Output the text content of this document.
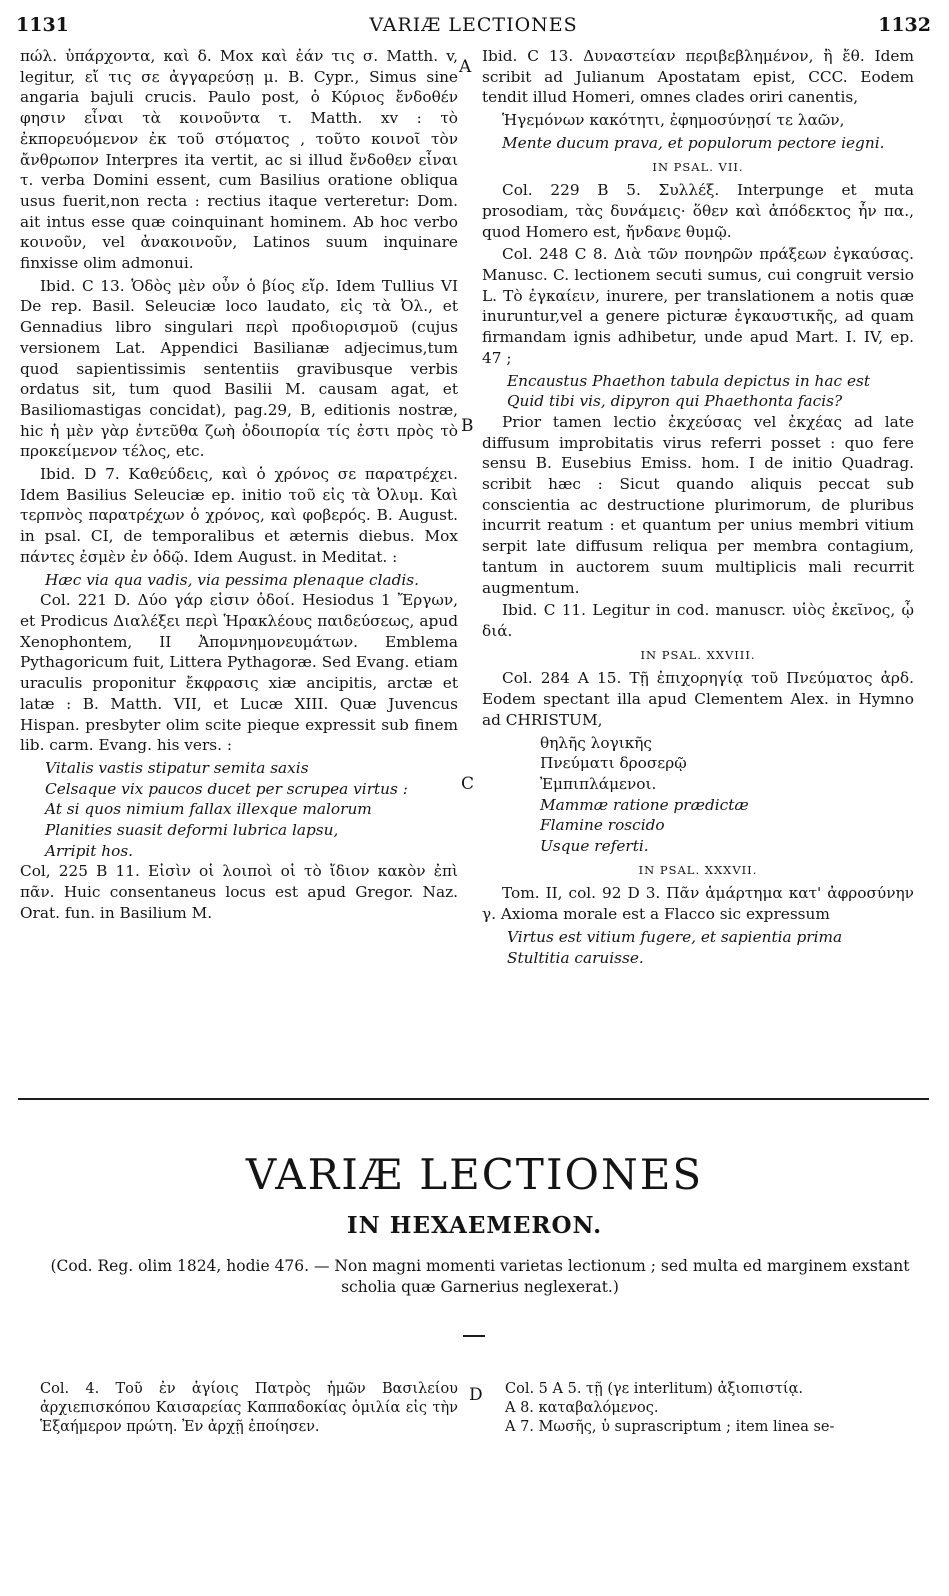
1131	VARIÆ LECTIONES	1132

πώλ. ὑπάρχοντα, καὶ δ. Mox καὶ ἐάν τις σ. Matth. v, legitur, εἴ τις σε ἀγγαρεύσῃ μ. B. Cypr., Simus sine angaria bajuli crucis. Paulo post, ὁ Κύριος ἔνδοθέν φησιν εἶναι τὰ κοινοῦντα τ. Matth. xv : τὸ ἐκπορευόμενον ἐκ τοῦ στόματος , τοῦτο κοινοῖ τὸν ἄνθρωπον Interpres ita vertit, ac si illud ἔνδοθεν εἶναι τ. verba Domini essent, cum Basilius oratione obliqua usus fuerit,non recta : rectius itaque verteretur: Dom. ait intus esse quæ coinquinant hominem. Ab hoc verbo κοινοῦν, vel ἀνακοινοῦν, Latinos suum inquinare finxisse olim admonui.

Ibid. C 13. Ὁδὸς μὲν οὖν ὁ βίος εἴρ. Idem Tullius VI De rep. Basil. Seleuciæ loco laudato, εἰς τὰ Ὀλ., et Gennadius libro singulari περὶ προδιορισμοῦ (cujus versionem Lat. Appendici Basilianæ adjecimus,tum quod sapientissimis sententiis gravibusque verbis ordatus sit, tum quod Basilii M. causam agat, et Basiliomastigas concidat), pag.29, B, editionis nostræ, hic ἡ μὲν γὰρ ἐντεῦθα ζωὴ ὁδοιπορία τίς ἐστι πρὸς τὸ προκείμενον τέλος, etc.

Ibid. D 7. Καθεύδεις, καὶ ὁ χρόνος σε παρατρέχει. Idem Basilius Seleuciæ ep. initio τοῦ εἰς τὰ Ὀλυμ. Καὶ τερπνὸς παρατρέχων ὁ χρόνος, καὶ φοβερός. B. August. in psal. CI, de temporalibus et æternis diebus. Mox πάντες ἐσμὲν ἐν ὁδῷ. Idem August. in Meditat. :

Hæc via qua vadis, via pessima plenaque cladis.

Col. 221 D. Δύο γάρ εἰσιν ὁδοί. Hesiodus 1 Ἔργων, et Prodicus Διαλέξει περὶ Ἡρακλέους παιδεύσεως, apud Xenophontem, II Ἀπομνημονευμάτων. Emblema Pythagoricum fuit, Littera Pythagoræ. Sed Evang. etiam uraculis proponitur ἔκφρασις xiæ ancipitis, arctæ et latæ : B. Matth. VII, et Lucæ XIII. Quæ Juvencus Hispan. presbyter olim scite pieque expressit sub finem lib. carm. Evang. his vers. :

Vitalis vastis stipatur semita saxis

Celsaque vix paucos ducet per scrupea virtus :

At si quos nimium fallax illexque malorum

Planities suasit deformi lubrica lapsu,

Arripit hos.

Col, 225 B 11. Εἰσὶν οἱ λοιποὶ οἱ τὸ ἴδιον κακὸν ἐπὶ πᾶν. Huic consentaneus locus est apud Gregor. Naz. Orat. fun. in Basilium M.

A
B
C

Ibid. C 13. Δυναστείαν περιβεβλημένον, ἢ ἔθ. Idem scribit ad Julianum Apostatam epist, CCC. Eodem tendit illud Homeri, omnes clades oriri canentis,

Ἡγεμόνων κακότητι, ἐφημοσύνῃσί τε λαῶν,

Mente ducum prava, et populorum pectore iegni.

IN PSAL. VII.

Col. 229 B 5. Συλλέξ. Interpunge et muta prosodiam, τὰς δυνάμεις· ὅθεν καὶ ἀπόδεκτος ἦν πα., quod Homero est, ἤνδανε θυμῷ.

Col. 248 C 8. Διὰ τῶν πονηρῶν πράξεων ἐγκαύσας. Manusc. C. lectionem secuti sumus, cui congruit versio L. Τὸ ἐγκαίειν, inurere, per translationem a notis quæ inuruntur,vel a genere picturæ ἐγκαυστικῆς, ad quam firmandam ignis adhibetur, unde apud Mart. I. IV, ep. 47 ;

Encaustus Phaethon tabula depictus in hac est

Quid tibi vis, dipyron qui Phaethonta facis?

Prior tamen lectio ἐκχεύσας vel ἐκχέας ad late diffusum improbitatis virus referri posset : quo fere sensu B. Eusebius Emiss. hom. I de initio Quadrag. scribit hæc : Sicut quando aliquis peccat sub conscientia ac destructione plurimorum, de pluribus incurrit reatum : et quantum per unius membri vitium serpit late diffusum reliqua per membra contagium, tantum in auctorem suum multiplicis mali recurrit augmentum.

Ibid. C 11. Legitur in cod. manuscr. υἱὸς ἐκεῖνος, ᾧ διά.

IN PSAL. XXVIII.

Col. 284 A 15. Τῇ ἐπιχορηγίᾳ τοῦ Πνεύματος ἀρδ. Eodem spectant illa apud Clementem Alex. in Hymno ad CHRISTUM,

θηλῆς λογικῆς

Πνεύματι δροσερῷ

Ἐμπιπλάμενοι.

Mammæ ratione prædictæ

Flamine roscido

Usque referti.

IN PSAL. XXXVII.

Tom. II, col. 92 D 3. Πᾶν ἁμάρτημα κατ' ἀφροσύνην γ. Axioma morale est a Flacco sic expressum

Virtus est vitium fugere, et sapientia prima

Stultitia caruisse.

VARIÆ LECTIONES
IN HEXAEMERON.

(Cod. Reg. olim 1824, hodie 476. — Non magni momenti varietas lectionum ; sed multa ed marginem exstant scholia quæ Garnerius neglexerat.)

Col. 4. Τοῦ ἐν ἁγίοις Πατρὸς ἡμῶν Βασιλείου ἀρχιεπισκόπου Καισαρείας Καππαδοκίας ὁμιλία εἰς τὴν Ἑξαήμερον πρώτη. Ἐν ἀρχῇ ἐποίησεν.

D Col. 5 A 5. τῇ (γε interlitum) ἀξιοπιστίᾳ.

A 8. καταβαλόμενος.

A 7. Μωσῆς, ὑ suprascriptum ; item linea se-
